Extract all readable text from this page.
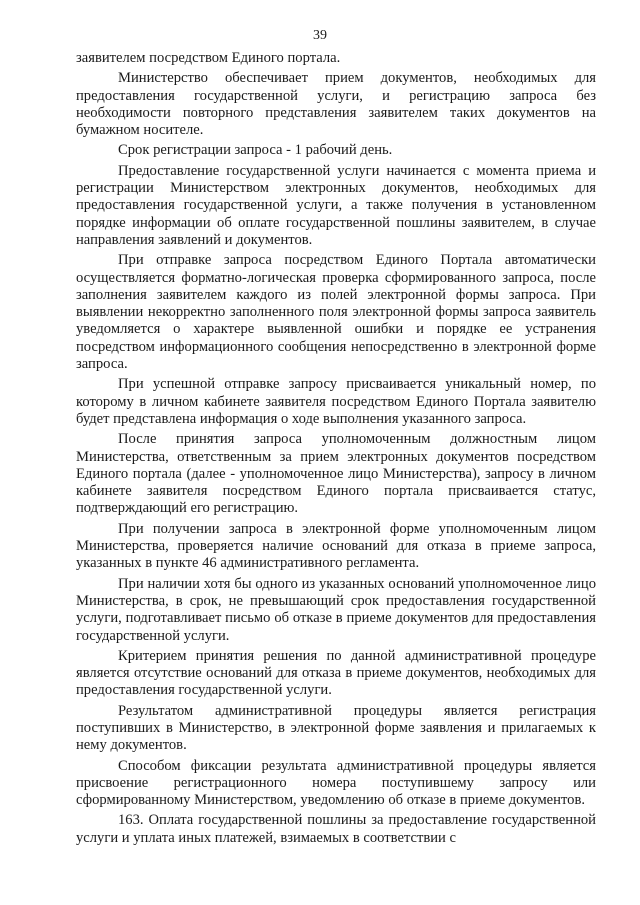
39

заявителем посредством Единого портала.

Министерство обеспечивает прием документов, необходимых для предоставления государственной услуги, и регистрацию запроса без необходимости повторного представления заявителем таких документов на бумажном носителе.

Срок регистрации запроса - 1 рабочий день.

Предоставление государственной услуги начинается с момента приема и регистрации Министерством электронных документов, необходимых для предоставления государственной услуги, а также получения в установленном порядке информации об оплате государственной пошлины заявителем, в случае направления заявлений и документов.

При отправке запроса посредством Единого Портала автоматически осуществляется форматно-логическая проверка сформированного запроса, после заполнения заявителем каждого из полей электронной формы запроса. При выявлении некорректно заполненного поля электронной формы запроса заявитель уведомляется о характере выявленной ошибки и порядке ее устранения посредством информационного сообщения непосредственно в электронной форме запроса.

При успешной отправке запросу присваивается уникальный номер, по которому в личном кабинете заявителя посредством Единого Портала заявителю будет представлена информация о ходе выполнения указанного запроса.

После принятия запроса уполномоченным должностным лицом Министерства, ответственным за прием электронных документов посредством Единого портала (далее - уполномоченное лицо Министерства), запросу в личном кабинете заявителя посредством Единого портала присваивается статус, подтверждающий его регистрацию.

При получении запроса в электронной форме уполномоченным лицом Министерства, проверяется наличие оснований для отказа в приеме запроса, указанных в пункте 46 административного регламента.

При наличии хотя бы одного из указанных оснований уполномоченное лицо Министерства, в срок, не превышающий срок предоставления государственной услуги, подготавливает письмо об отказе в приеме документов для предоставления государственной услуги.

Критерием принятия решения по данной административной процедуре является отсутствие оснований для отказа в приеме документов, необходимых для предоставления государственной услуги.

Результатом административной процедуры является регистрация поступивших в Министерство, в электронной форме заявления и прилагаемых к нему документов.

Способом фиксации результата административной процедуры является присвоение регистрационного номера поступившему запросу или сформированному Министерством, уведомлению об отказе в приеме документов.

163. Оплата государственной пошлины за предоставление государственной услуги и уплата иных платежей, взимаемых в соответствии с
